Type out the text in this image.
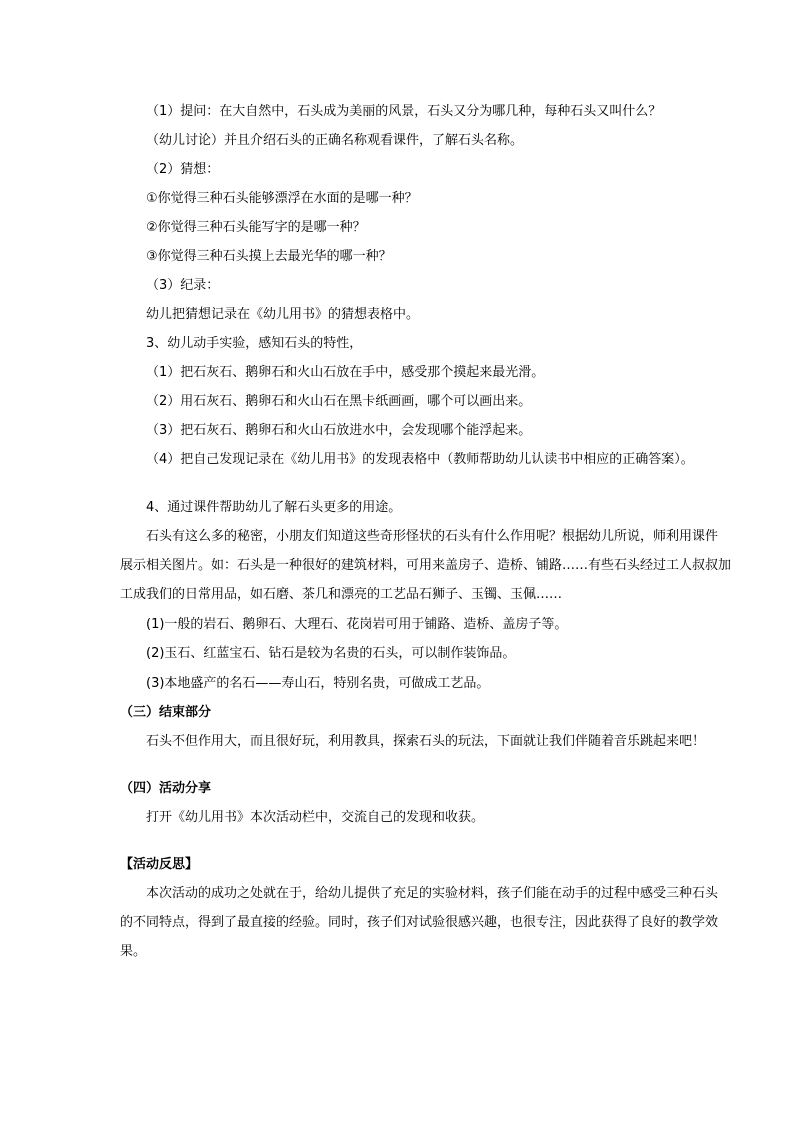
（1）提问：在大自然中，石头成为美丽的风景，石头又分为哪几种，每种石头又叫什么？
（幼儿讨论）并且介绍石头的正确名称观看课件，了解石头名称。
（2）猜想：
①你觉得三种石头能够漂浮在水面的是哪一种？
②你觉得三种石头能写字的是哪一种？
③你觉得三种石头摸上去最光华的哪一种？
（3）纪录：
幼儿把猜想记录在《幼儿用书》的猜想表格中。
3、幼儿动手实验，感知石头的特性，
（1）把石灰石、鹅卵石和火山石放在手中，感受那个摸起来最光滑。
（2）用石灰石、鹅卵石和火山石在黑卡纸画画，哪个可以画出来。
（3）把石灰石、鹅卵石和火山石放进水中，会发现哪个能浮起来。
（4）把自己发现记录在《幼儿用书》的发现表格中（教师帮助幼儿认读书中相应的正确答案）。
4、通过课件帮助幼儿了解石头更多的用途。
石头有这么多的秘密，小朋友们知道这些奇形怪状的石头有什么作用呢？根据幼儿所说，师利用课件
展示相关图片。如：石头是一种很好的建筑材料，可用来盖房子、造桥、铺路……有些石头经过工人叔叔加
工成我们的日常用品，如石磨、茶几和漂亮的工艺品石狮子、玉镯、玉佩……
(1)一般的岩石、鹅卵石、大理石、花岗岩可用于铺路、造桥、盖房子等。
(2)玉石、红蓝宝石、钻石是较为名贵的石头，可以制作装饰品。
(3)本地盛产的名石——寿山石，特别名贵，可做成工艺品。
（三）结束部分
石头不但作用大，而且很好玩，利用教具，探索石头的玩法，下面就让我们伴随着音乐跳起来吧！
（四）活动分享
打开《幼儿用书》本次活动栏中，交流自己的发现和收获。
【活动反思】
本次活动的成功之处就在于，给幼儿提供了充足的实验材料，孩子们能在动手的过程中感受三种石头
的不同特点，得到了最直接的经验。同时，孩子们对试验很感兴趣，也很专注，因此获得了良好的教学效
果。
